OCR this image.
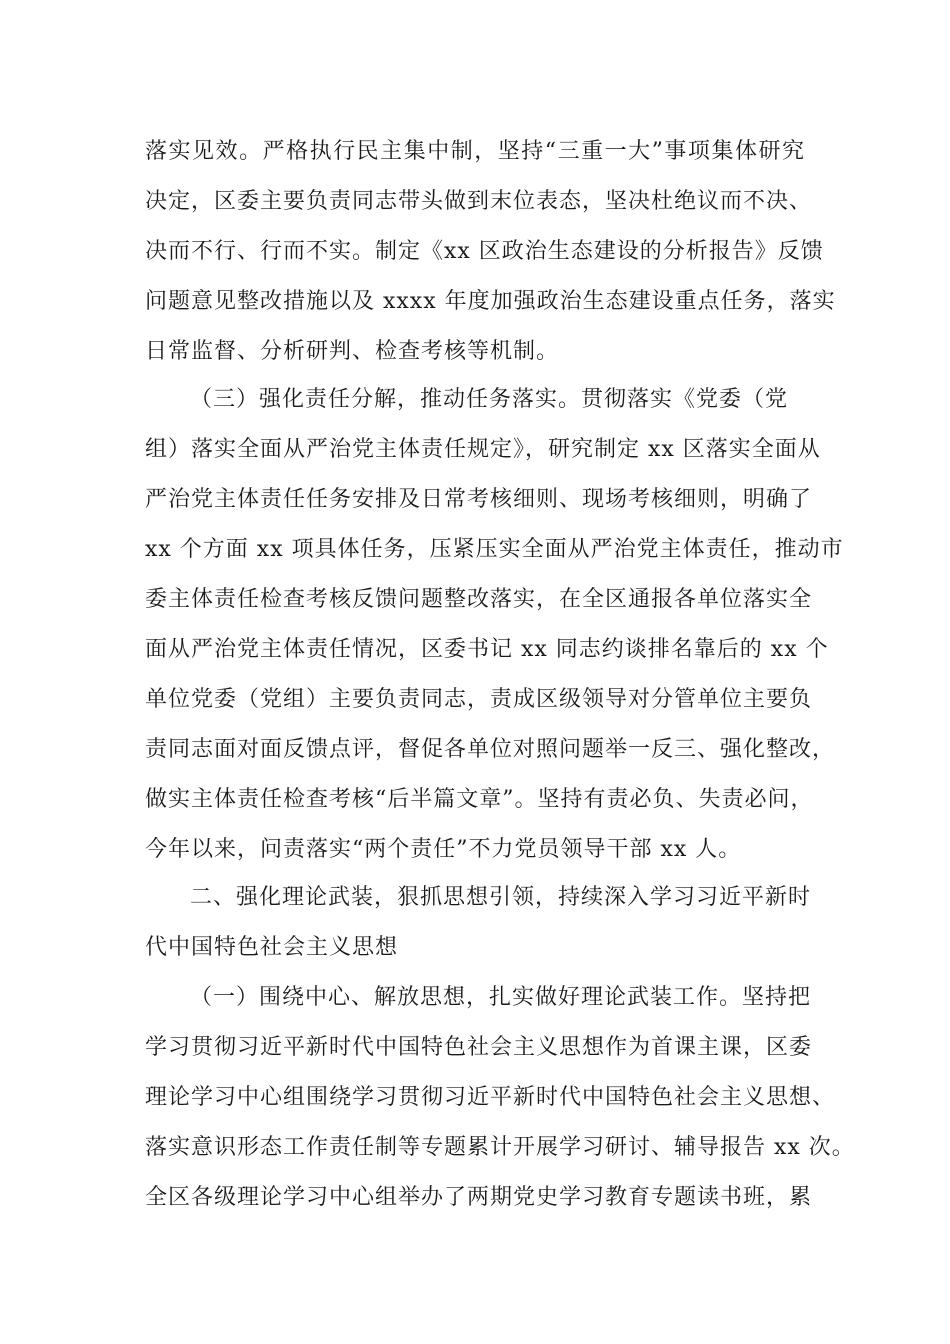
落实见效。严格执行民主集中制，坚持“三重一大”事项集体研究
决定，区委主要负责同志带头做到末位表态，坚决杜绝议而不决、
决而不行、行而不实。制定《xx 区政治生态建设的分析报告》反馈
问题意见整改措施以及 xxxx 年度加强政治生态建设重点任务，落实
日常监督、分析研判、检查考核等机制。
（三）强化责任分解，推动任务落实。贯彻落实《党委（党
组）落实全面从严治党主体责任规定》，研究制定 xx 区落实全面从
严治党主体责任任务安排及日常考核细则、现场考核细则，明确了
xx 个方面 xx 项具体任务，压紧压实全面从严治党主体责任，推动市
委主体责任检查考核反馈问题整改落实，在全区通报各单位落实全
面从严治党主体责任情况，区委书记 xx 同志约谈排名靠后的 xx 个
单位党委（党组）主要负责同志，责成区级领导对分管单位主要负
责同志面对面反馈点评，督促各单位对照问题举一反三、强化整改，
做实主体责任检查考核“后半篇文章”。坚持有责必负、失责必问，
今年以来，问责落实“两个责任”不力党员领导干部 xx 人。
二、强化理论武装，狠抓思想引领，持续深入学习习近平新时
代中国特色社会主义思想
（一）围绕中心、解放思想，扎实做好理论武装工作。坚持把
学习贯彻习近平新时代中国特色社会主义思想作为首课主课，区委
理论学习中心组围绕学习贯彻习近平新时代中国特色社会主义思想、
落实意识形态工作责任制等专题累计开展学习研讨、辅导报告 xx 次。
全区各级理论学习中心组举办了两期党史学习教育专题读书班，累
